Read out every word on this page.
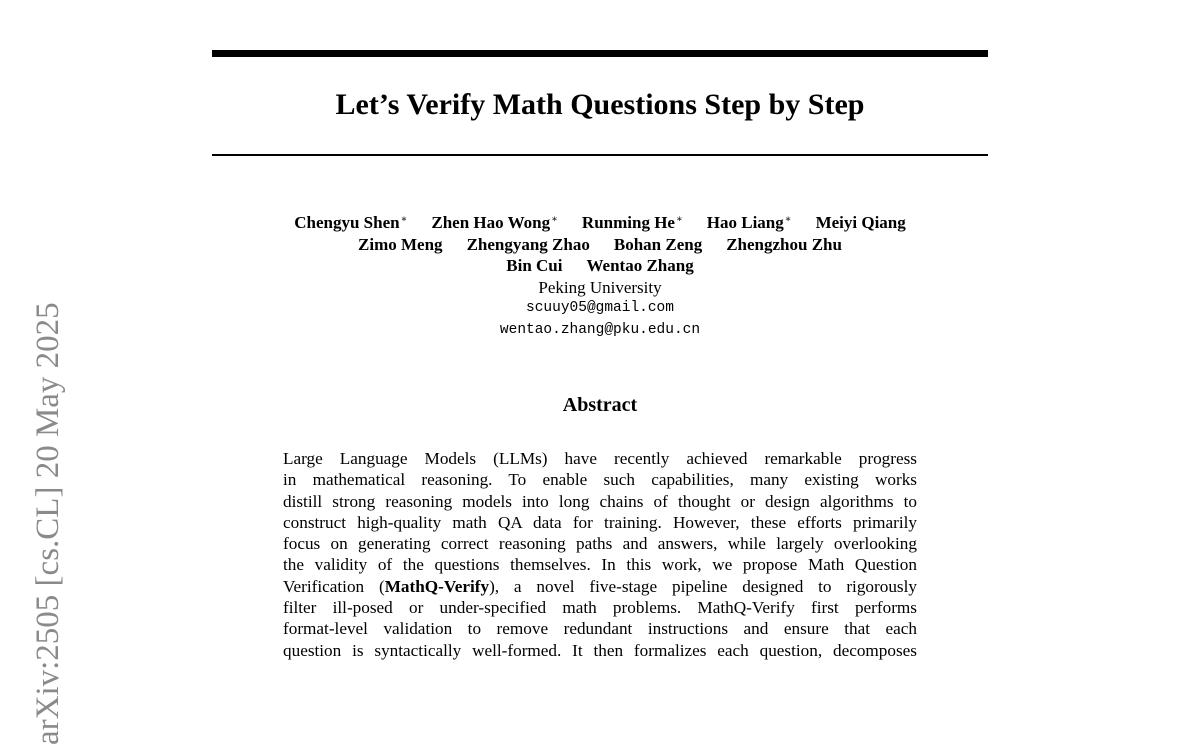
arXiv:2505 [cs.CL] 20 May 2025
Let’s Verify Math Questions Step by Step
Chengyu Shen∗ Zhen Hao Wong∗ Runming He∗ Hao Liang∗ Meiyi Qiang
Zimo Meng Zhengyang Zhao Bohan Zeng Zhengzhou Zhu
Bin Cui Wentao Zhang
Peking University
scuuy05@gmail.com
wentao.zhang@pku.edu.cn
Abstract

Large Language Models (LLMs) have recently achieved remarkable progress

in mathematical reasoning. To enable such capabilities, many existing works

distill strong reasoning models into long chains of thought or design algorithms to

construct high-quality math QA data for training. However, these efforts primarily

focus on generating correct reasoning paths and answers, while largely overlooking

the validity of the questions themselves. In this work, we propose Math Question

Verification (MathQ-Verify), a novel five-stage pipeline designed to rigorously

filter ill-posed or under-specified math problems. MathQ-Verify first performs

format-level validation to remove redundant instructions and ensure that each

question is syntactically well-formed. It then formalizes each question, decomposes
